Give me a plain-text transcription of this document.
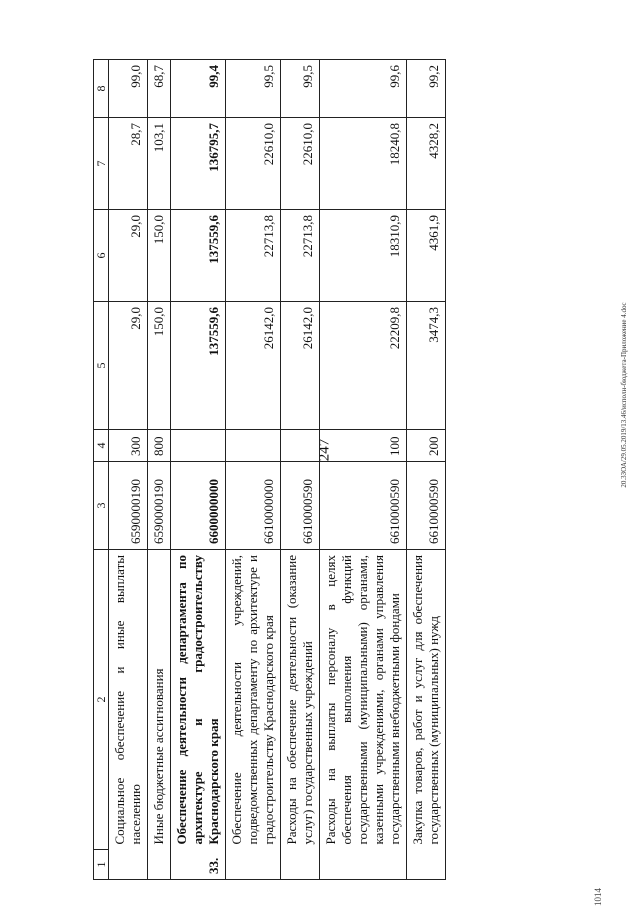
247	20.3ЗОА/29.05.2019/13.46/исполн-бюджета-Приложение 4.doc
1014
1	2	3	4	5	6	7	8
	Социальное обеспечение и иные выплаты населению	6590000190	300	29,0	29,0	28,7	99,0
	Иные бюджетные ассигнования	6590000190	800	150,0	150,0	103,1	68,7
33.	Обеспечение деятельности департамента по архитектуре и градостроительству Краснодарского края	6600000000		137559,6	137559,6	136795,7	99,4
	Обеспечение деятельности учреждений, подведомственных департаменту по архитектуре и градостроительству Краснодарского края	6610000000		26142,0	22713,8	22610,0	99,5
	Расходы на обеспечение деятельности (оказание услуг) государственных учреждений	6610000590		26142,0	22713,8	22610,0	99,5
	Расходы на выплаты персоналу в целях обеспечения выполнения функций государственными (муниципальными) органами, казенными учреждениями, органами управления государственными внебюджетными фондами	6610000590	100	22209,8	18310,9	18240,8	99,6
	Закупка товаров, работ и услуг для обеспечения государственных (муниципальных) нужд	6610000590	200	3474,3	4361,9	4328,2	99,2
